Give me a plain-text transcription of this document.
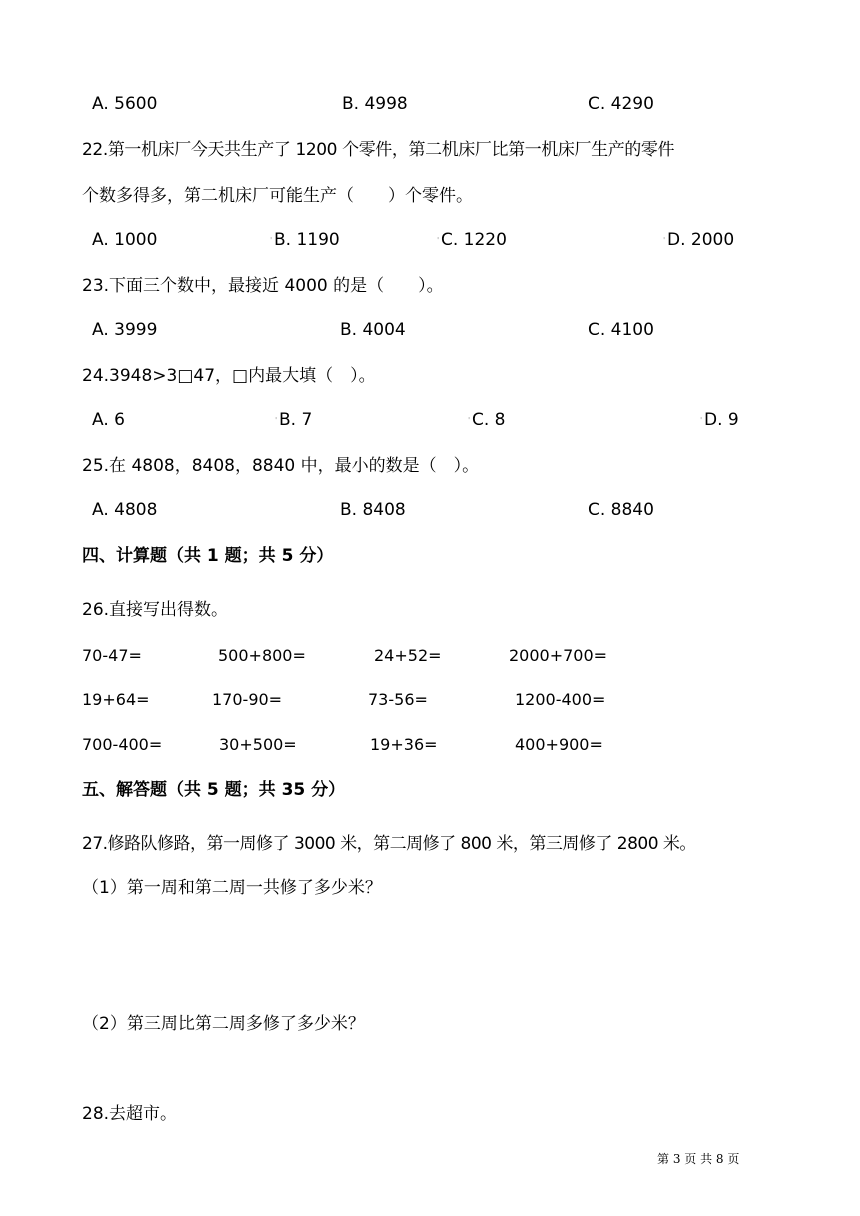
A. 5600	B. 4998	C. 4290
22.第一机床厂今天共生产了 1200 个零件，第二机床厂比第一机床厂生产的零件
个数多得多，第二机床厂可能生产（　　）个零件。
A. 1000	' B. 1190	' C. 1220	' D. 2000
23.下面三个数中，最接近 4000 的是（　　）。
A. 3999	B. 4004	C. 4100
24.3948>3□47，□内最大填（　）。
A. 6	' B. 7	' C. 8	' D. 9
25.在 4808，8408，8840 中，最小的数是（　）。
A. 4808	B. 8408	C. 8840
四、计算题（共 1 题；共 5 分）
26.直接写出得数。
70-47=	500+800=	24+52=	2000+700=
19+64=	170-90=	73-56=	1200-400=
700-400=	30+500=	19+36=	400+900=
五、解答题（共 5 题；共 35 分）
27.修路队修路，第一周修了 3000 米，第二周修了 800 米，第三周修了 2800 米。
（1）第一周和第二周一共修了多少米？
（2）第三周比第二周多修了多少米？
28.去超市。
第 3 页 共 8 页
